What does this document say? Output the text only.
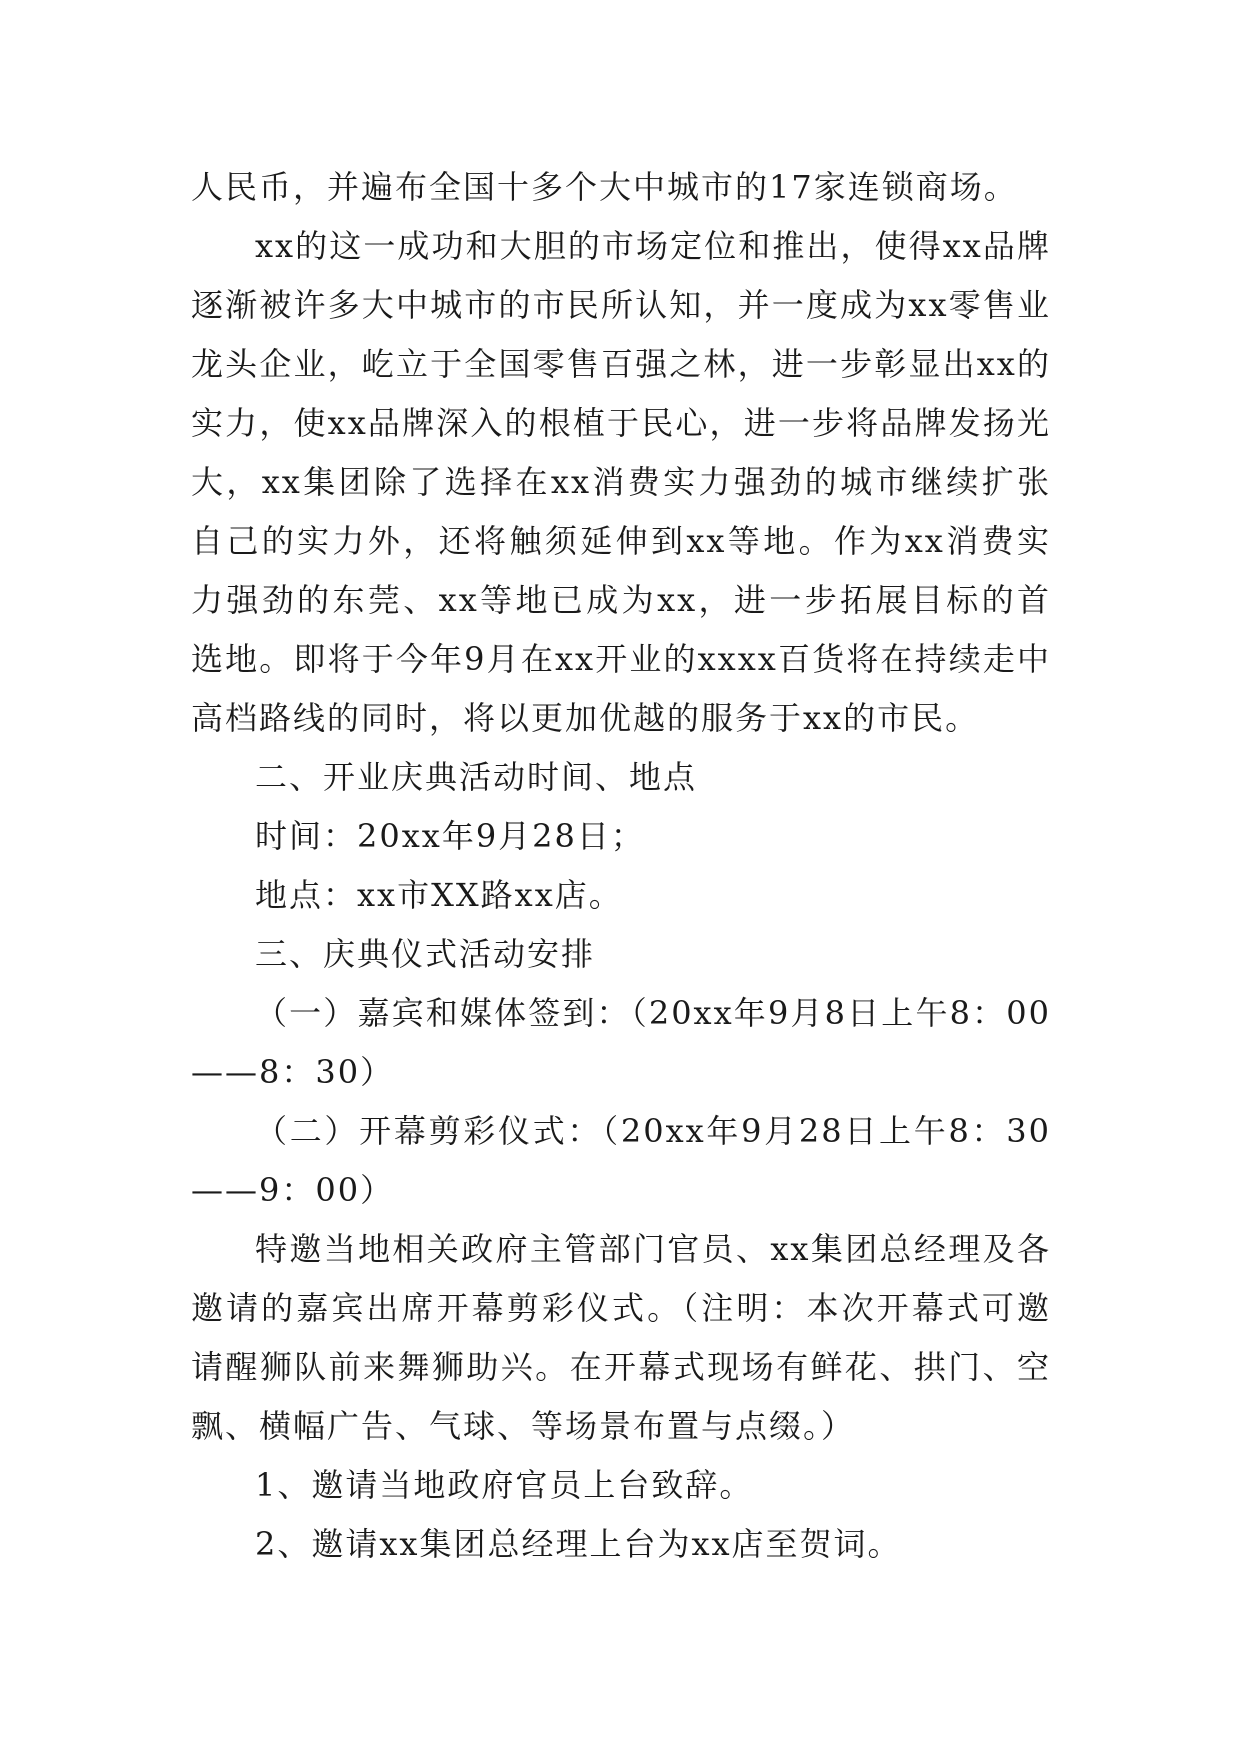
人民币，并遍布全国十多个大中城市的17家连锁商场。

xx的这一成功和大胆的市场定位和推出，使得xx品牌逐渐被许多大中城市的市民所认知，并一度成为xx零售业龙头企业，屹立于全国零售百强之林，进一步彰显出xx的实力，使xx品牌深入的根植于民心，进一步将品牌发扬光大，xx集团除了选择在xx消费实力强劲的城市继续扩张自己的实力外，还将触须延伸到xx等地。作为xx消费实力强劲的东莞、xx等地已成为xx，进一步拓展目标的首选地。即将于今年9月在xx开业的xxxx百货将在持续走中高档路线的同时，将以更加优越的服务于xx的市民。

二、开业庆典活动时间、地点

时间：20xx年9月28日；

地点：xx市XX路xx店。

三、庆典仪式活动安排

（一）嘉宾和媒体签到：（20xx年9月8日上午8：00——8：30）

（二）开幕剪彩仪式：（20xx年9月28日上午8：30——9：00）

特邀当地相关政府主管部门官员、xx集团总经理及各邀请的嘉宾出席开幕剪彩仪式。（注明：本次开幕式可邀请醒狮队前来舞狮助兴。在开幕式现场有鲜花、拱门、空飘、横幅广告、气球、等场景布置与点缀。）

1、邀请当地政府官员上台致辞。

2、邀请xx集团总经理上台为xx店至贺词。
